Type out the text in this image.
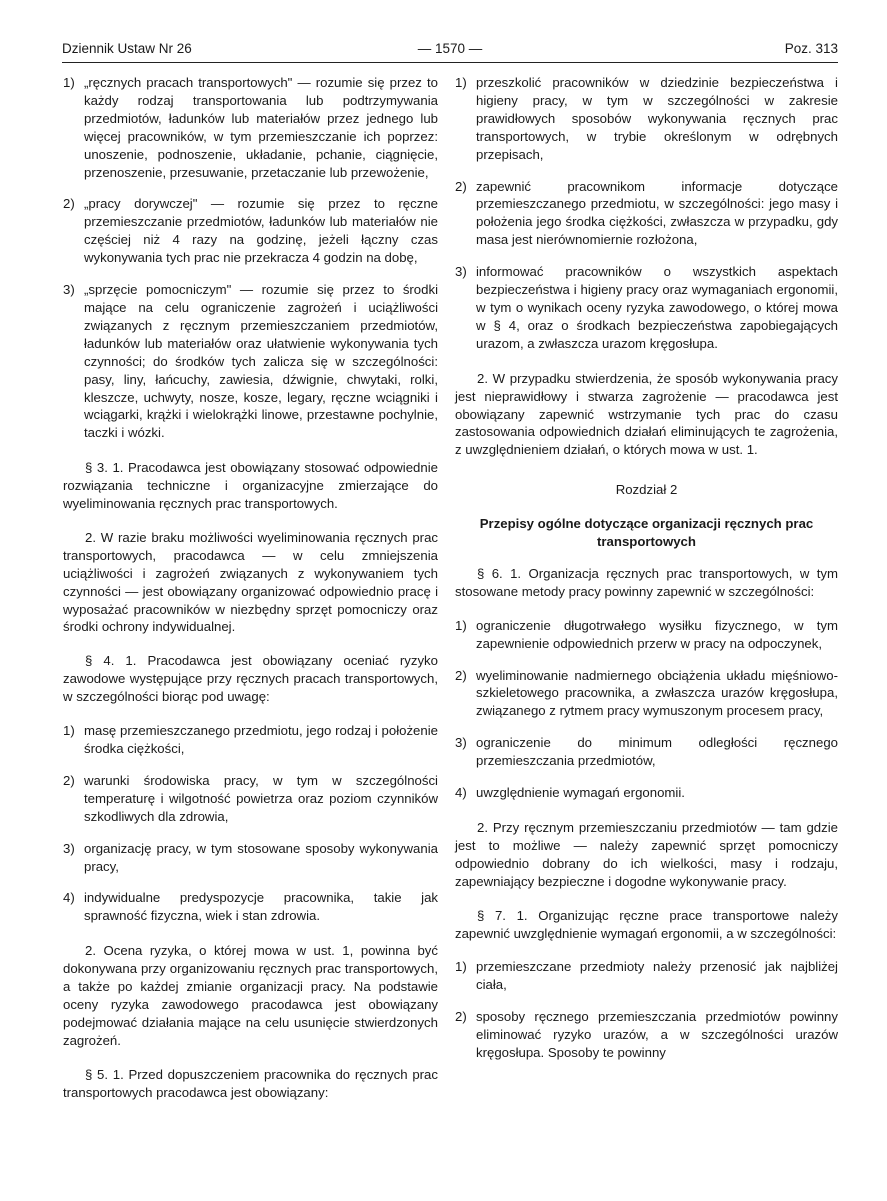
Dziennik Ustaw Nr 26	— 1570 —	Poz. 313
1) „ręcznych pracach transportowych" — rozumie się przez to każdy rodzaj transportowania lub podtrzymywania przedmiotów, ładunków lub materiałów przez jednego lub więcej pracowników, w tym przemieszczanie ich poprzez: unoszenie, podnoszenie, układanie, pchanie, ciągnięcie, przenoszenie, przesuwanie, przetaczanie lub przewożenie,
2) „pracy dorywczej" — rozumie się przez to ręczne przemieszczanie przedmiotów, ładunków lub materiałów nie częściej niż 4 razy na godzinę, jeżeli łączny czas wykonywania tych prac nie przekracza 4 godzin na dobę,
3) „sprzęcie pomocniczym" — rozumie się przez to środki mające na celu ograniczenie zagrożeń i uciążliwości związanych z ręcznym przemieszczaniem przedmiotów, ładunków lub materiałów oraz ułatwienie wykonywania tych czynności; do środków tych zalicza się w szczególności: pasy, liny, łańcuchy, zawiesia, dźwignie, chwytaki, rolki, kleszcze, uchwyty, nosze, kosze, legary, ręczne wciągniki i wciągarki, krążki i wielokrążki linowe, przestawne pochylnie, taczki i wózki.

§ 3. 1. Pracodawca jest obowiązany stosować odpowiednie rozwiązania techniczne i organizacyjne zmierzające do wyeliminowania ręcznych prac transportowych.

2. W razie braku możliwości wyeliminowania ręcznych prac transportowych, pracodawca — w celu zmniejszenia uciążliwości i zagrożeń związanych z wykonywaniem tych czynności — jest obowiązany organizować odpowiednio pracę i wyposażać pracowników w niezbędny sprzęt pomocniczy oraz środki ochrony indywidualnej.

§ 4. 1. Pracodawca jest obowiązany oceniać ryzyko zawodowe występujące przy ręcznych pracach transportowych, w szczególności biorąc pod uwagę:

1) masę przemieszczanego przedmiotu, jego rodzaj i położenie środka ciężkości,
2) warunki środowiska pracy, w tym w szczególności temperaturę i wilgotność powietrza oraz poziom czynników szkodliwych dla zdrowia,
3) organizację pracy, w tym stosowane sposoby wykonywania pracy,
4) indywidualne predyspozycje pracownika, takie jak sprawność fizyczna, wiek i stan zdrowia.

2. Ocena ryzyka, o której mowa w ust. 1, powinna być dokonywana przy organizowaniu ręcznych prac transportowych, a także po każdej zmianie organizacji pracy. Na podstawie oceny ryzyka zawodowego pracodawca jest obowiązany podejmować działania mające na celu usunięcie stwierdzonych zagrożeń.

§ 5. 1. Przed dopuszczeniem pracownika do ręcznych prac transportowych pracodawca jest obowiązany:

1) przeszkolić pracowników w dziedzinie bezpieczeństwa i higieny pracy, w tym w szczególności w zakresie prawidłowych sposobów wykonywania ręcznych prac transportowych, w trybie określonym w odrębnych przepisach,
2) zapewnić pracownikom informacje dotyczące przemieszczanego przedmiotu, w szczególności: jego masy i położenia jego środka ciężkości, zwłaszcza w przypadku, gdy masa jest nierównomiernie rozłożona,
3) informować pracowników o wszystkich aspektach bezpieczeństwa i higieny pracy oraz wymaganiach ergonomii, w tym o wynikach oceny ryzyka zawodowego, o której mowa w § 4, oraz o środkach bezpieczeństwa zapobiegających urazom, a zwłaszcza urazom kręgosłupa.

2. W przypadku stwierdzenia, że sposób wykonywania pracy jest nieprawidłowy i stwarza zagrożenie — pracodawca jest obowiązany zapewnić wstrzymanie tych prac do czasu zastosowania odpowiednich działań eliminujących te zagrożenia, z uwzględnieniem działań, o których mowa w ust. 1.

Rozdział 2
Przepisy ogólne dotyczące organizacji ręcznych prac transportowych

§ 6. 1. Organizacja ręcznych prac transportowych, w tym stosowane metody pracy powinny zapewnić w szczególności:

1) ograniczenie długotrwałego wysiłku fizycznego, w tym zapewnienie odpowiednich przerw w pracy na odpoczynek,
2) wyeliminowanie nadmiernego obciążenia układu mięśniowo-szkieletowego pracownika, a zwłaszcza urazów kręgosłupa, związanego z rytmem pracy wymuszonym procesem pracy,
3) ograniczenie do minimum odległości ręcznego przemieszczania przedmiotów,
4) uwzględnienie wymagań ergonomii.

2. Przy ręcznym przemieszczaniu przedmiotów — tam gdzie jest to możliwe — należy zapewnić sprzęt pomocniczy odpowiednio dobrany do ich wielkości, masy i rodzaju, zapewniający bezpieczne i dogodne wykonywanie pracy.

§ 7. 1. Organizując ręczne prace transportowe należy zapewnić uwzględnienie wymagań ergonomii, a w szczególności:

1) przemieszczane przedmioty należy przenosić jak najbliżej ciała,
2) sposoby ręcznego przemieszczania przedmiotów powinny eliminować ryzyko urazów, a w szczególności urazów kręgosłupa. Sposoby te powinny
